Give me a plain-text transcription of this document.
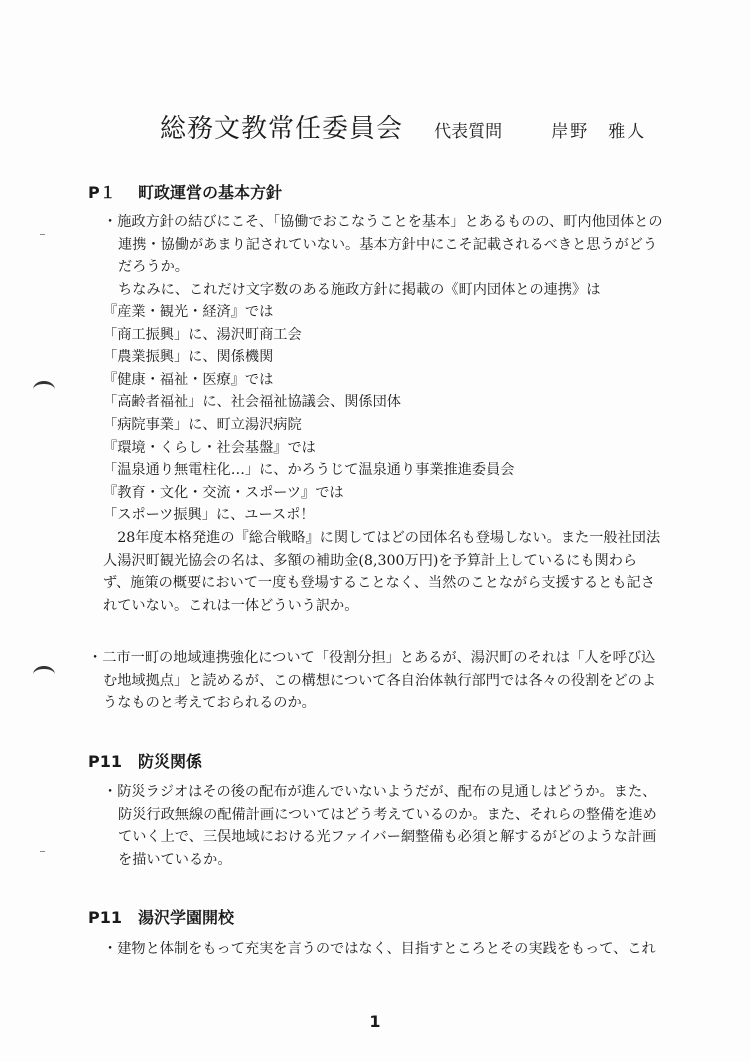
総務文教常任委員会 代表質問	岸野　雅人
P１ 町政運営の基本方針
・施政方針の結びにこそ、「協働でおこなうことを基本」とあるものの、町内他団体との
連携・協働があまり記されていない。基本方針中にこそ記載されるべきと思うがどう
だろうか。
ちなみに、これだけ文字数のある施政方針に掲載の《町内団体との連携》は
『産業・観光・経済』では
「商工振興」に、湯沢町商工会
「農業振興」に、関係機関
『健康・福祉・医療』では
「高齢者福祉」に、社会福祉協議会、関係団体
「病院事業」に、町立湯沢病院
『環境・くらし・社会基盤』では
「温泉通り無電柱化…」に、かろうじて温泉通り事業推進委員会
『教育・文化・交流・スポーツ』では
「スポーツ振興」に、ユースポ！
　28年度本格発進の『総合戦略』に関してはどの団体名も登場しない。また一般社団法
人湯沢町観光協会の名は、多額の補助金(8,300万円)を予算計上しているにも関わら
ず、施策の概要において一度も登場することなく、当然のことながら支援するとも記さ
れていない。これは一体どういう訳か。
・二市一町の地域連携強化について「役割分担」とあるが、湯沢町のそれは「人を呼び込
む地域拠点」と読めるが、この構想について各自治体執行部門では各々の役割をどのよ
うなものと考えておられるのか。
P11 防災関係
・防災ラジオはその後の配布が進んでいないようだが、配布の見通しはどうか。また、
防災行政無線の配備計画についてはどう考えているのか。また、それらの整備を進め
ていく上で、三俣地域における光ファイバー網整備も必須と解するがどのような計画
を描いているか。
P11 湯沢学園開校
・建物と体制をもって充実を言うのではなく、目指すところとその実践をもって、これ
1
